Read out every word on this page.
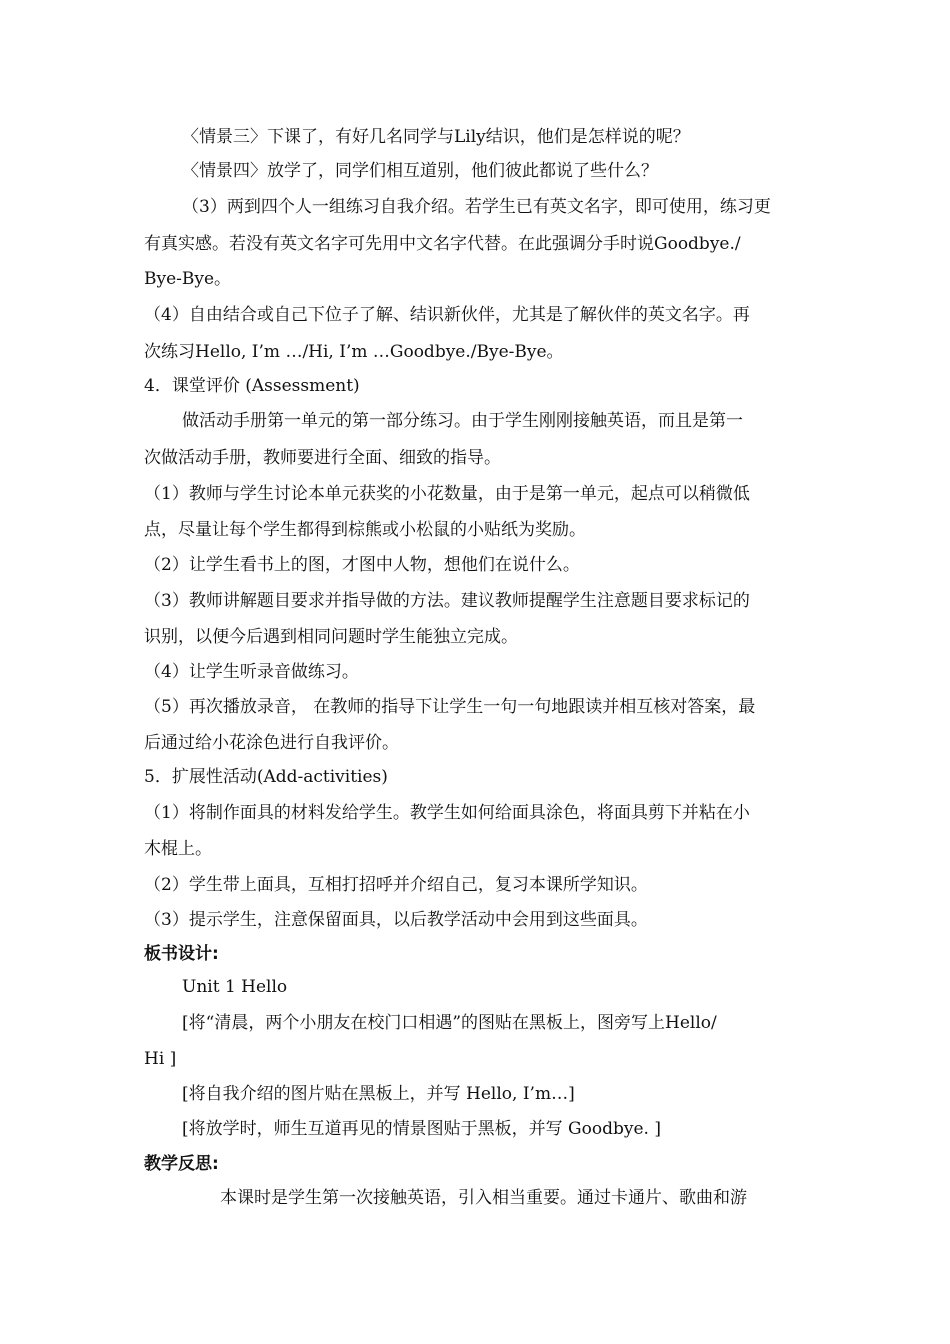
〈情景三〉下课了，有好几名同学与Lily结识，他们是怎样说的呢？
〈情景四〉放学了，同学们相互道别，他们彼此都说了些什么？
（3）两到四个人一组练习自我介绍。若学生已有英文名字，即可使用，练习更
有真实感。若没有英文名字可先用中文名字代替。在此强调分手时说Goodbye./
Bye-Bye。
（4）自由结合或自己下位子了解、结识新伙伴，尤其是了解伙伴的英文名字。再
次练习Hello, I’m …/Hi, I’m …Goodbye./Bye-Bye。
4．课堂评价 (Assessment)
做活动手册第一单元的第一部分练习。由于学生刚刚接触英语，而且是第一
次做活动手册，教师要进行全面、细致的指导。
（1）教师与学生讨论本单元获奖的小花数量，由于是第一单元，起点可以稍微低
点，尽量让每个学生都得到棕熊或小松鼠的小贴纸为奖励。
（2）让学生看书上的图，才图中人物，想他们在说什么。
（3）教师讲解题目要求并指导做的方法。建议教师提醒学生注意题目要求标记的
识别，以便今后遇到相同问题时学生能独立完成。
（4）让学生听录音做练习。
（5）再次播放录音， 在教师的指导下让学生一句一句地跟读并相互核对答案，最
后通过给小花涂色进行自我评价。
5．扩展性活动(Add-activities)
（1）将制作面具的材料发给学生。教学生如何给面具涂色，将面具剪下并粘在小
木棍上。
（2）学生带上面具，互相打招呼并介绍自己，复习本课所学知识。
（3）提示学生，注意保留面具，以后教学活动中会用到这些面具。
板书设计:
Unit 1 Hello
[将“清晨，两个小朋友在校门口相遇”的图贴在黑板上，图旁写上Hello/
Hi ]
[将自我介绍的图片贴在黑板上，并写 Hello, I’m…]
[将放学时，师生互道再见的情景图贴于黑板，并写 Goodbye. ]
教学反思:
本课时是学生第一次接触英语，引入相当重要。通过卡通片、歌曲和游
